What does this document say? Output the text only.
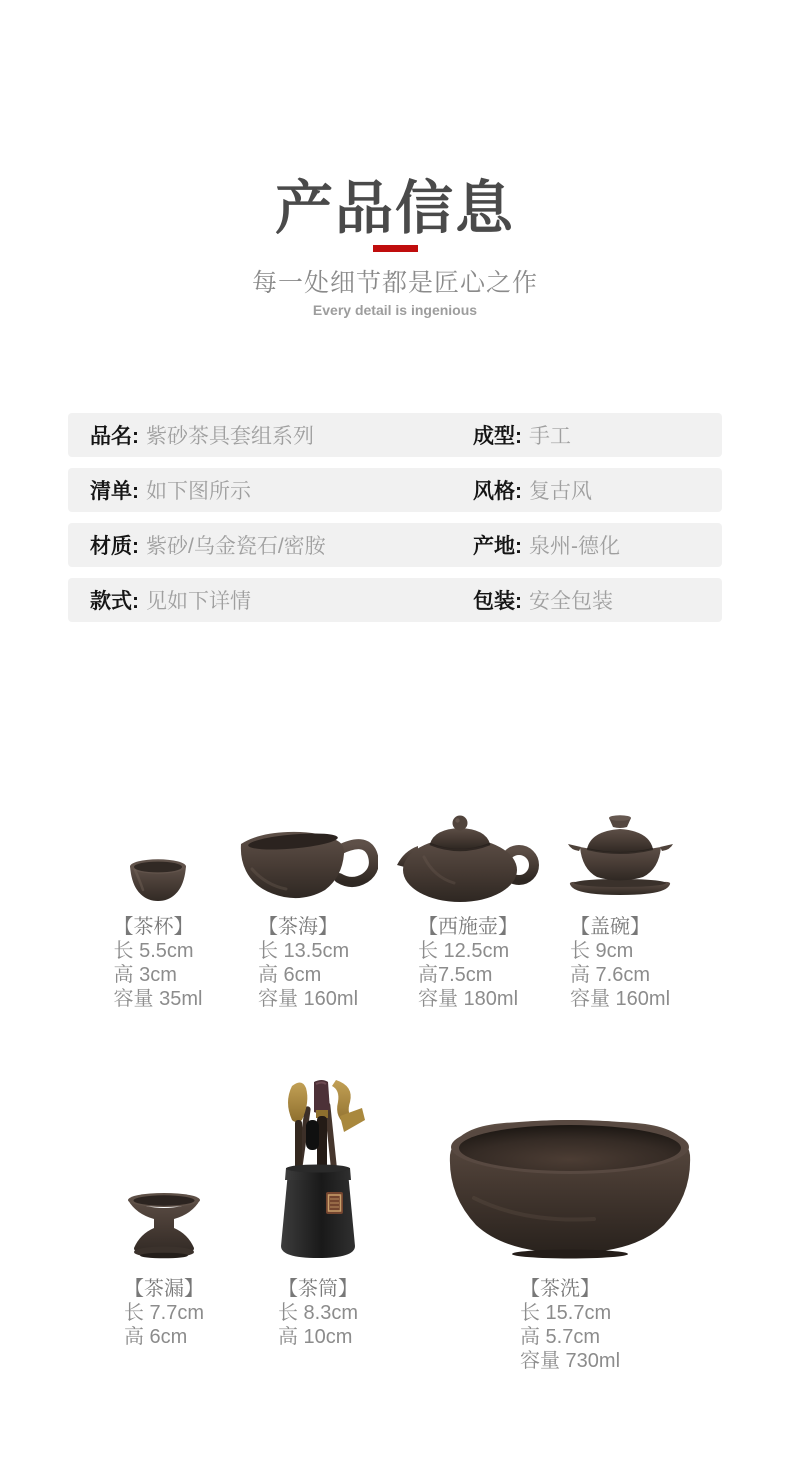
产品信息
每一处细节都是匠心之作
Every detail is ingenious
品名: 紫砂茶具套组系列	成型: 手工
清单: 如下图所示	风格: 复古风
材质: 紫砂/乌金瓷石/密胺	产地: 泉州-德化
款式: 见如下详情	包装: 安全包装
【茶杯】
长 5.5cm
高 3cm
容量 35ml
【茶海】
长 13.5cm
高 6cm
容量 160ml
【西施壶】
长 12.5cm
高7.5cm
容量 180ml
【盖碗】
长 9cm
高 7.6cm
容量 160ml
【茶漏】
长 7.7cm
高 6cm
【茶筒】
长 8.3cm
高 10cm
【茶洗】
长 15.7cm
高 5.7cm
容量 730ml
